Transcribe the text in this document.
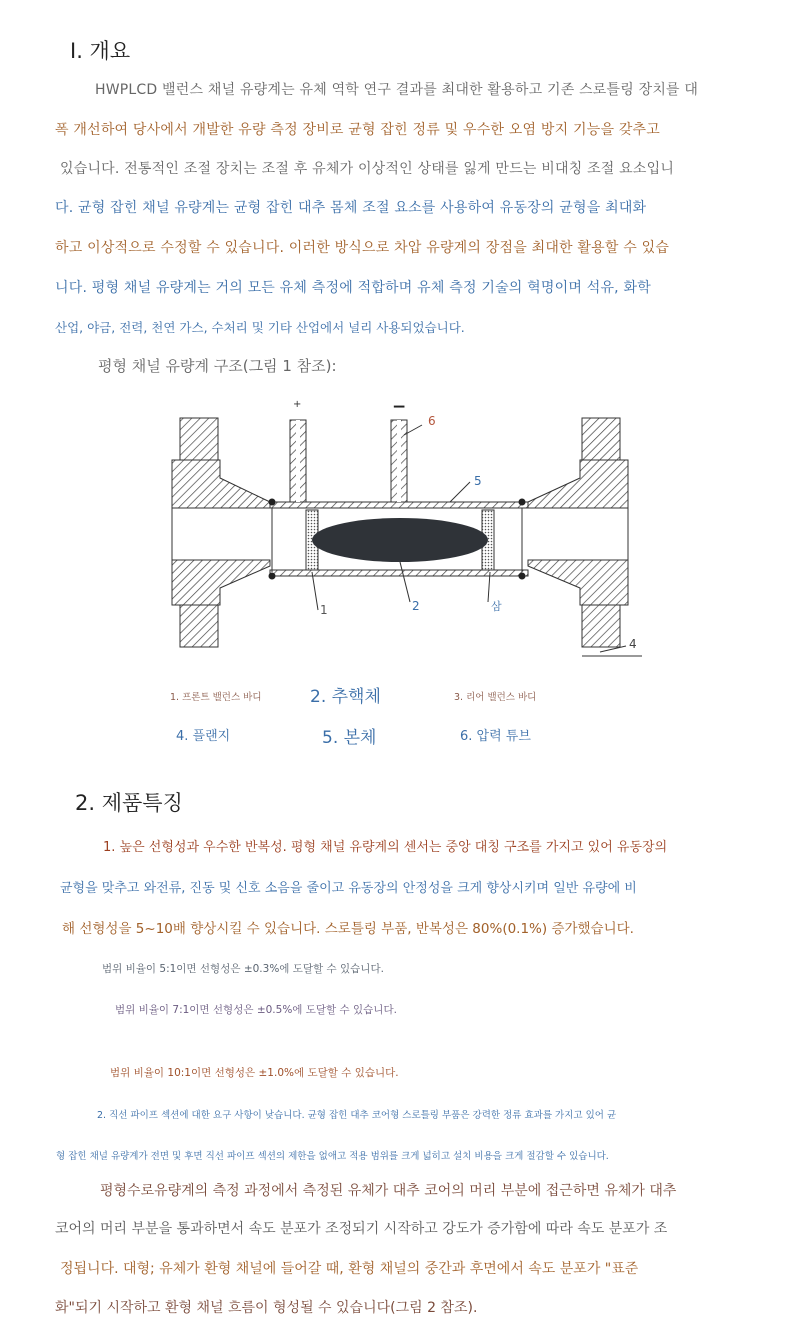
I. 개요
HWPLCD 밸런스 채널 유량계는 유체 역학 연구 결과를 최대한 활용하고 기존 스로틀링 장치를 대
폭 개선하여 당사에서 개발한 유량 측정 장비로 균형 잡힌 정류 및 우수한 오염 방지 기능을 갖추고
있습니다. 전통적인 조절 장치는 조절 후 유체가 이상적인 상태를 잃게 만드는 비대칭 조절 요소입니
다. 균형 잡힌 채널 유량계는 균형 잡힌 대추 몸체 조절 요소를 사용하여 유동장의 균형을 최대화
하고 이상적으로 수정할 수 있습니다. 이러한 방식으로 차압 유량계의 장점을 최대한 활용할 수 있습
니다. 평형 채널 유량계는 거의 모든 유체 측정에 적합하며 유체 측정 기술의 혁명이며 석유, 화학
산업, 야금, 전력, 천연 가스, 수처리 및 기타 산업에서 널리 사용되었습니다.
평형 채널 유량계 구조(그림 1 참조):
+	−
6
5
1	2	삼
4
1. 프론트 밸런스 바디	2. 추핵체	3. 리어 밸런스 바디
4. 플랜지	5. 본체	6. 압력 튜브
2. 제품특징
1. 높은 선형성과 우수한 반복성. 평형 채널 유량계의 센서는 중앙 대칭 구조를 가지고 있어 유동장의
균형을 맞추고 와전류, 진동 및 신호 소음을 줄이고 유동장의 안정성을 크게 향상시키며 일반 유량에 비
해 선형성을 5~10배 향상시킬 수 있습니다. 스로틀링 부품, 반복성은 80%(0.1%) 증가했습니다.
범위 비율이 5:1이면 선형성은 ±0.3%에 도달할 수 있습니다.
범위 비율이 7:1이면 선형성은 ±0.5%에 도달할 수 있습니다.
범위 비율이 10:1이면 선형성은 ±1.0%에 도달할 수 있습니다.
2. 직선 파이프 섹션에 대한 요구 사항이 낮습니다. 균형 잡힌 대추 코어형 스로틀링 부품은 강력한 정류 효과를 가지고 있어 균
형 잡힌 채널 유량계가 전면 및 후면 직선 파이프 섹션의 제한을 없애고 적용 범위를 크게 넓히고 설치 비용을 크게 절감할 수 있습니다.
평형수로유량계의 측정 과정에서 측정된 유체가 대추 코어의 머리 부분에 접근하면 유체가 대추
코어의 머리 부분을 통과하면서 속도 분포가 조정되기 시작하고 강도가 증가함에 따라 속도 분포가 조
정됩니다. 대형; 유체가 환형 채널에 들어갈 때, 환형 채널의 중간과 후면에서 속도 분포가 "표준
화"되기 시작하고 환형 채널 흐름이 형성될 수 있습니다(그림 2 참조).
